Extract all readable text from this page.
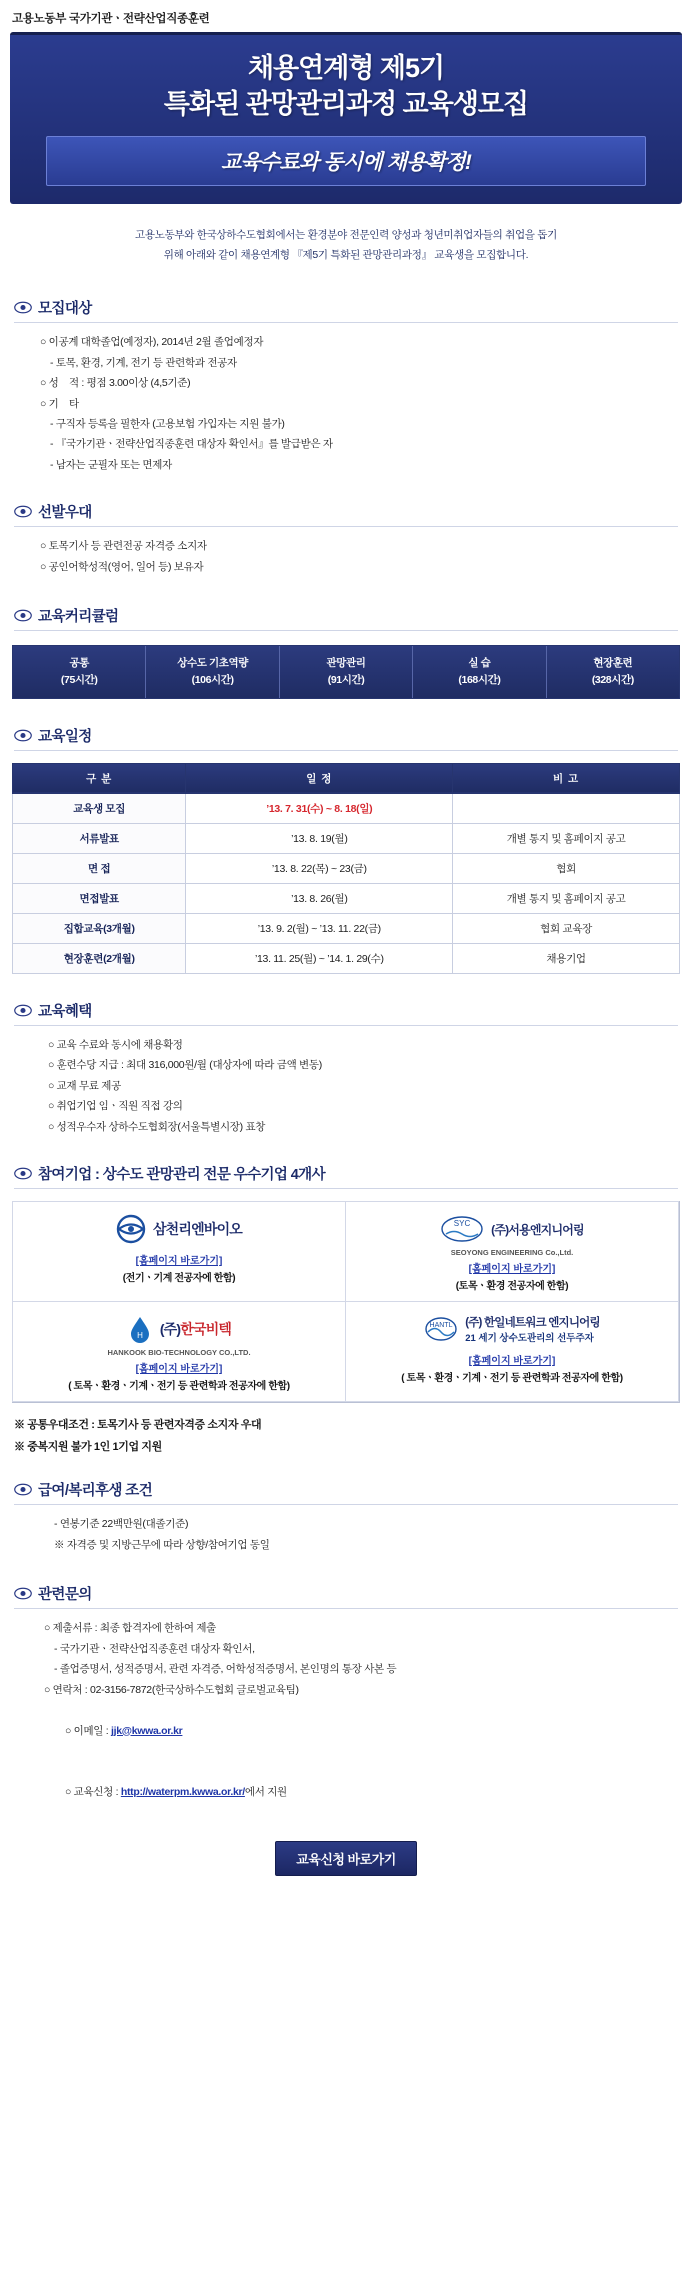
고용노동부 국가기관ㆍ전략산업직종훈련
채용연계형 제5기
특화된 관망관리과정 교육생모집
교육수료와 동시에 채용확정!
고용노동부와 한국상하수도협회에서는 환경분야 전문인력 양성과 청년미취업자들의 취업을 돕기
위해 아래와 같이 채용연계형 『제5기 특화된 관망관리과정』 교육생을 모집합니다.
모집대상
○ 이공계 대학졸업(예정자), 2014년 2월 졸업예정자
- 토목, 환경, 기계, 전기 등 관련학과 전공자
○ 성    적 : 평점 3.00이상 (4,5기준)
○ 기    타
- 구직자 등록을 필한자 (고용보험 가입자는 지원 불가)
- 『국가기관ㆍ전략산업직종훈련 대상자 확인서』를 발급받은 자
- 남자는 군필자 또는 면제자
선발우대
○ 토목기사 등 관련전공 자격증 소지자
○ 공인어학성적(영어, 일어 등) 보유자
교육커리큘럼
공통
(75시간)
상수도 기초역량
(106시간)
관망관리
(91시간)
실 습
(168시간)
현장훈련
(328시간)
교육일정
구 분	일 정	비 고
교육생 모집	’13. 7. 31(수) ~ 8. 18(일)	
서류발표	’13. 8. 19(월)	개별 통지 및 홈페이지 공고
면 접	’13. 8. 22(목) ~ 23(금)	협회
면접발표	’13. 8. 26(월)	개별 통지 및 홈페이지 공고
집합교육(3개월)	’13. 9. 2(월) ~ ’13. 11. 22(금)	협회 교육장
현장훈련(2개월)	’13. 11. 25(월) ~ ’14. 1. 29(수)	채용기업
교육혜택
○ 교육 수료와 동시에 채용확정
○ 훈련수당 지급 : 최대 316,000원/월 (대상자에 따라 금액 변동)
○ 교재 무료 제공
○ 취업기업 임ㆍ직원 직접 강의
○ 성적우수자 상하수도협회장(서울특별시장) 표창
참여기업 : 상수도 관망관리 전문 우수기업 4개사
삼천리엔바이오
[홈페이지 바로가기]
(전기ㆍ기계 전공자에 한함)
SYC (주)서용엔지니어링
SEOYONG ENGINEERING Co.,Ltd.
[홈페이지 바로가기]
(토목ㆍ환경 전공자에 한함)
H (주)한국비텍
HANKOOK BIO-TECHNOLOGY CO.,LTD.
[홈페이지 바로가기]
( 토목ㆍ환경ㆍ기계ㆍ전기 등 관련학과 전공자에 한함)
HANTL (주) 한일네트워크 엔지니어링
21 세기 상수도관리의 선두주자
[홈페이지 바로가기]
( 토목ㆍ환경ㆍ기계ㆍ전기 등 관련학과 전공자에 한함)
※ 공통우대조건 : 토목기사 등 관련자격증 소지자 우대
※ 중복지원 불가 1인 1기업 지원
급여/복리후생 조건
- 연봉기준 22백만원(대졸기준)
※ 자격증 및 지방근무에 따라 상향/참여기업 동일
관련문의
○ 제출서류 : 최종 합격자에 한하여 제출
- 국가기관ㆍ전략산업직종훈련 대상자 확인서,
- 졸업증명서, 성적증명서, 관련 자격증, 어학성적증명서, 본인명의 통장 사본 등
○ 연락처 : 02-3156-7872(한국상하수도협회 글로벌교육팀)

○ 이메일 : jjk@kwwa.or.kr

○ 교육신청 : http://waterpm.kwwa.or.kr/에서 지원

교육신청 바로가기
